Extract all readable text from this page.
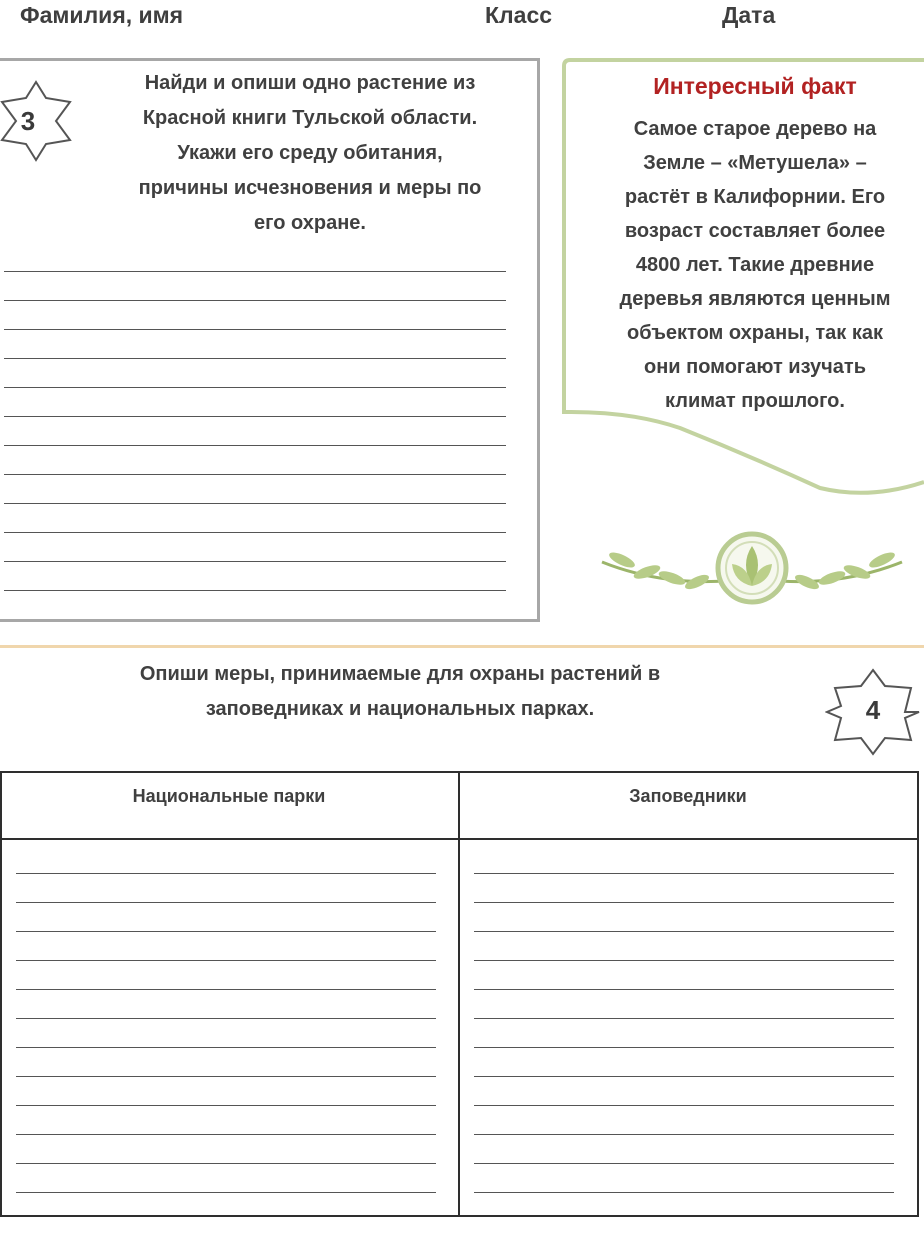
Фамилия, имя	Класс	Дата
3
Найди и опиши одно растение из
Красной книги Тульской области.
Укажи его среду обитания,
причины исчезновения и меры по
его охране.
Интересный факт
Самое старое дерево на
Земле – «Метушела» –
растёт в Калифорнии. Его
возраст составляет более
4800 лет. Такие древние
деревья являются ценным
объектом охраны, так как
они помогают изучать
климат прошлого.
Опиши меры, принимаемые для охраны растений в
заповедниках и национальных парках.	4
Национальные парки	Заповедники
